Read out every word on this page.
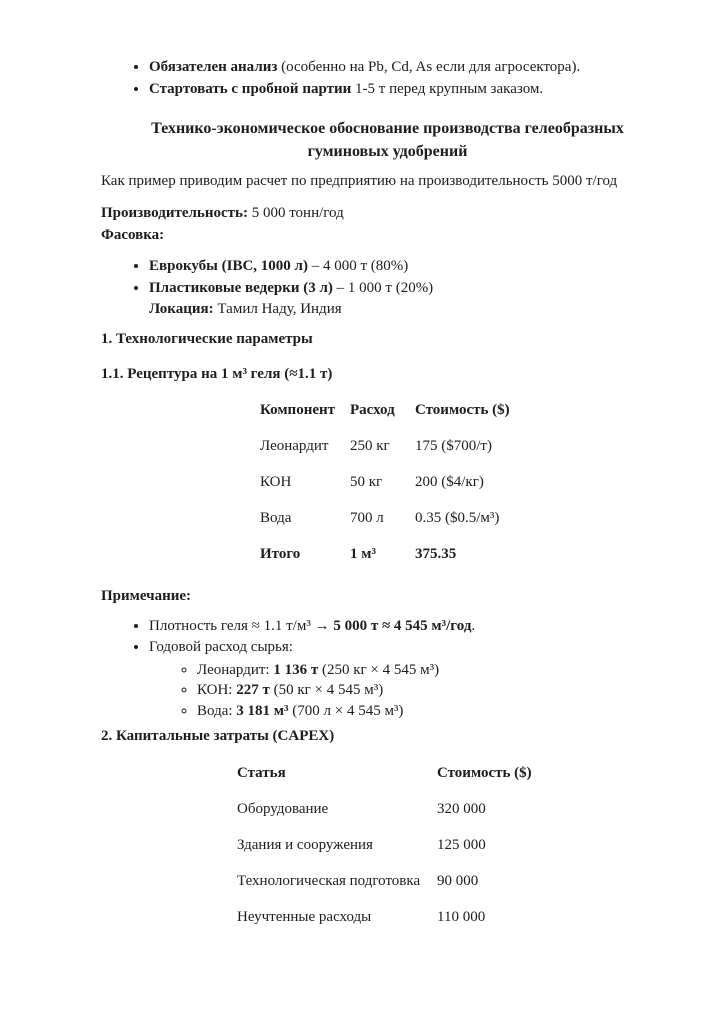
• Обязателен анализ (особенно на Pb, Cd, As если для агросектора).
• Стартовать с пробной партии 1-5 т перед крупным заказом.
Технико-экономическое обоснование производства гелеобразных гуминовых удобрений
Как пример приводим расчет по предприятию на производительность 5000 т/год
Производительность: 5 000 тонн/год
Фасовка:
• Еврокубы (IBC, 1000 л) – 4 000 т (80%)
• Пластиковые ведерки (3 л) – 1 000 т (20%)
Локация: Тамил Наду, Индия
1. Технологические параметры
1.1. Рецептура на 1 м³ геля (≈1.1 т)
Компонент	Расход	Стоимость ($)
Леонардит	250 кг	175 ($700/т)
КОН	50 кг	200 ($4/кг)
Вода	700 л	0.35 ($0.5/м³)
Итого	1 м³	375.35
Примечание:
• Плотность геля ≈ 1.1 т/м³ → 5 000 т ≈ 4 545 м³/год.
• Годовой расход сырья:
◦ Леонардит: 1 136 т (250 кг × 4 545 м³)
◦ КОН: 227 т (50 кг × 4 545 м³)
◦ Вода: 3 181 м³ (700 л × 4 545 м³)
2. Капитальные затраты (CAPEX)
Статья	Стоимость ($)
Оборудование	320 000
Здания и сооружения	125 000
Технологическая подготовка	90 000
Неучтенные расходы	110 000
